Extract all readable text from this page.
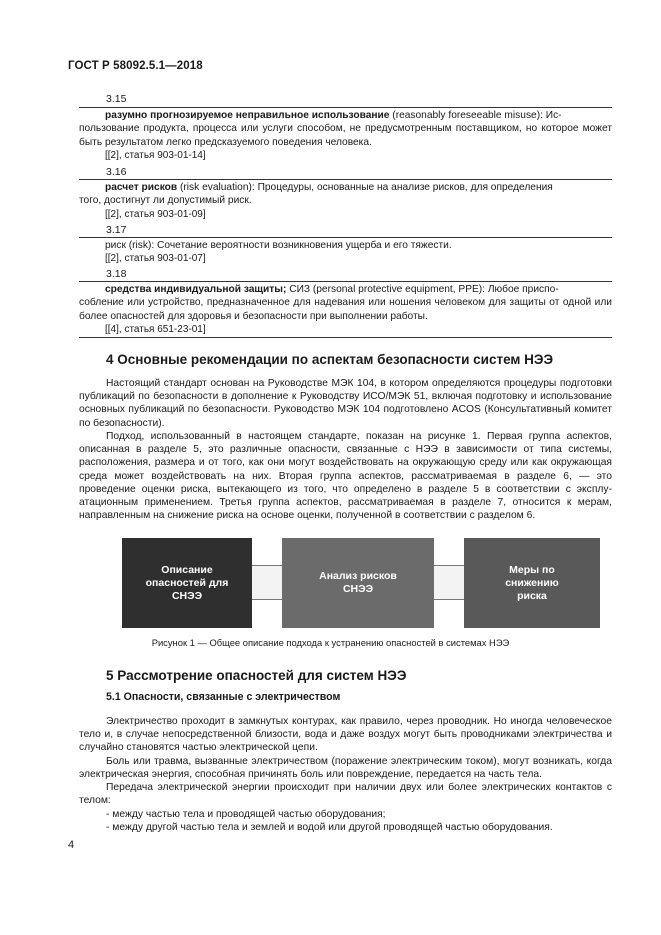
ГОСТ Р 58092.5.1—2018
3.15

разумно прогнозируемое неправильное использование (reasonably foreseeable misuse): Ис-

пользование продукта, процесса или услуги способом, не предусмотренным поставщиком, но которое может быть результатом легко предсказуемого поведения человека.

[[2], статья 903-01-14]

3.16

расчет рисков (risk evaluation): Процедуры, основанные на анализе рисков, для определения

того, достигнут ли допустимый риск.

[[2], статья 903-01-09]

3.17

риск (risk): Сочетание вероятности возникновения ущерба и его тяжести.

[[2], статья 903-01-07]

3.18

средства индивидуальной защиты; СИЗ (personal protective equipment, PPE): Любое приспо-

собление или устройство, предназначенное для надевания или ношения человеком для защиты от одной или более опасностей для здоровья и безопасности при выполнении работы.

[[4], статья 651-23-01]

4 Основные рекомендации по аспектам безопасности систем НЭЭ
Настоящий стандарт основан на Руководстве МЭК 104, в котором определяются процедуры подготовки публикаций по безопасности в дополнение к Руководству ИСО/МЭК 51, включая подготовку и использование основных публикаций по безопасности. Руководство МЭК 104 подготовлено ACOS (Консультативный комитет по безопасности).
Подход, использованный в настоящем стандарте, показан на рисунке 1. Первая группа аспектов, описанная в разделе 5, это различные опасности, связанные с НЭЭ в зависимости от типа системы, расположения, размера и от того, как они могут воздействовать на окружающую среду или как окружающая среда может воздействовать на них. Вторая группа аспектов, рассматриваемая в разделе 6, — это проведение оценки риска, вытекающего из того, что определено в разделе 5 в соответствии с эксплуатационным применением. Третья группа аспектов, рассматриваемая в разделе 7, относится к мерам, направленным на снижение риска на основе оценки, полученной в соответствии с разделом 6.
Описание
опасностей для
СНЭЭ
Анализ рисков
СНЭЭ
Меры по
снижению
риска
Рисунок 1 — Общее описание подхода к устранению опасностей в системах НЭЭ
5 Рассмотрение опасностей для систем НЭЭ
5.1 Опасности, связанные с электричеством
Электричество проходит в замкнутых контурах, как правило, через проводник. Но иногда человеческое тело и, в случае непосредственной близости, вода и даже воздух могут быть проводниками электричества и случайно становятся частью электрической цепи.
Боль или травма, вызванные электричеством (поражение электрическим током), могут возникать, когда электрическая энергия, способная причинять боль или повреждение, передается на часть тела.
Передача электрической энергии происходит при наличии двух или более электрических контактов с телом:
- между частью тела и проводящей частью оборудования;
- между другой частью тела и землей и водой или другой проводящей частью оборудования.
4
